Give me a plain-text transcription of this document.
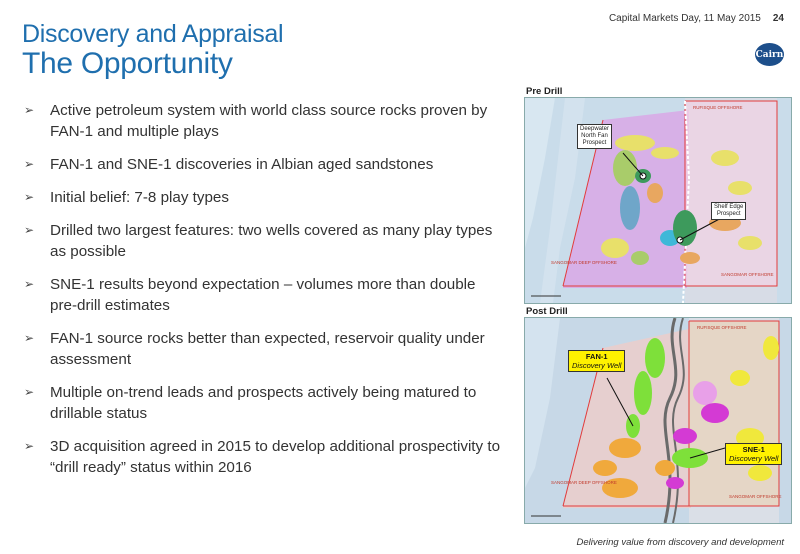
Discovery and Appraisal
The Opportunity
Capital Markets Day, 11 May 2015 24
Cairn
➢ Active petroleum system with world class source rocks proven by FAN-1 and multiple plays
➢ FAN-1 and SNE-1 discoveries in Albian aged sandstones
➢ Initial belief: 7-8 play types
➢ Drilled two largest features: two wells covered as many play types as possible
➢ SNE-1 results beyond expectation – volumes more than double pre-drill estimates
➢ FAN-1 source rocks better than expected, reservoir quality under assessment
➢ Multiple on-trend leads and prospects actively being matured to drillable status
➢ 3D acquisition agreed in 2015 to develop additional prospectivity to “drill ready” status within 2016
Pre Drill
RUFISQUE OFFSHORE
SANGOMAR DEEP OFFSHORE
SANGOMAR OFFSHORE
Deepwater
North Fan
Prospect
Shelf Edge
Prospect
Post Drill
RUFISQUE OFFSHORE
SANGOMAR DEEP OFFSHORE
SANGOMAR OFFSHORE
FAN-1
Discovery Well
SNE-1
Discovery Well
Delivering value from discovery and development
